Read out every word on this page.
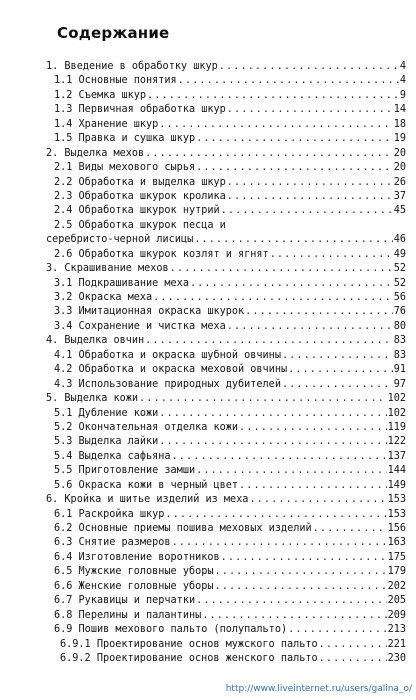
Содержание
1. Введение в обработку шкур .....	4
1.1 Основные понятия .....	4
1.2 Съемка шкур .....	9
1.3 Первичная обработка шкур .....	14
1.4 Хранение шкур .....	18
1.5 Правка и сушка шкур .....	19
2. Выделка мехов .....	20
2.1 Виды мехового сырья .....	20
2.2 Обработка и выделка шкур .....	26
2.3 Обработка шкурок кролика .....	37
2.4 Обработка шкурок нутрий .....	45
2.5 Обработка шкурок песца и
серебристо-черной лисицы .....	46
2.6 Обработка шкурок козлят и ягнят .....	49
3. Скрашивание мехов .....	52
3.1 Подкрашивание меха .....	52
3.2 Окраска меха .....	56
3.3 Имитационная окраска шкурок .....	76
3.4 Сохранение и чистка меха .....	80
4. Выделка овчин .....	83
4.1 Обработка и окраска шубной овчины .....	83
4.2 Обработка и окраска меховой овчины .....	91
4.3 Использование природных дубителей .....	97
5. Выделка кожи .....	102
5.1 Дубление кожи .....	102
5.2 Окончательная отделка кожи .....	119
5.3 Выделка лайки .....	122
5.4 Выделка сафьяна .....	137
5.5 Приготовление замши .....	144
5.6 Окраска кожи в черный цвет .....	149
6. Кройка и шитье изделий из меха .....	153
6.1 Раскройка шкур .....	153
6.2 Основные приемы пошива меховых изделий .....	156
6.3 Снятие размеров .....	163
6.4 Изготовление воротников .....	175
6.5 Мужские головные уборы .....	179
6.6 Женские головные уборы .....	202
6.7 Рукавицы и перчатки .....	205
6.8 Перелины и палантины .....	209
6.9 Пошив мехового пальто (полупальто) .....	213
6.9.1 Проектирование основ мужского пальто .....	221
6.9.2 Проектирование основ женского пальто .....	230
http://www.liveinternet.ru/users/galina_o/
